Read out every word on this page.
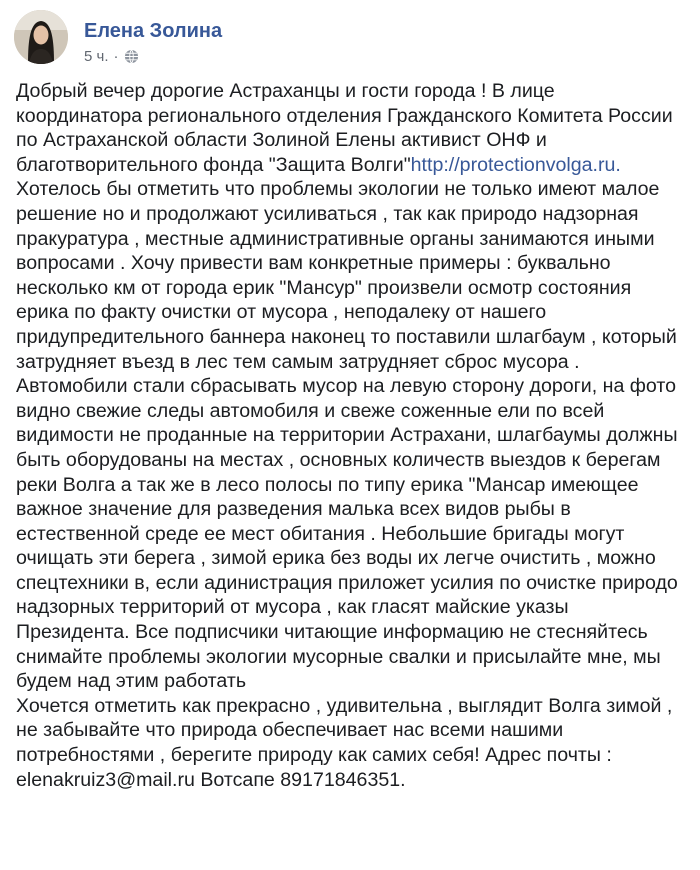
Елена Золина
5 ч. ·

Добрый вечер дорогие Астраханцы и гости города ! В лице

координатора регионального отделения Гражданского Комитета России

по Астраханской области Золиной Елены активист ОНФ и

благотворительного фонда "Защита Волги"http://protectionvolga.ru.

Хотелось бы отметить что проблемы экологии не только имеют малое

решение но и продолжают усиливаться , так как природо надзорная

пракуратура , местные административные органы занимаются иными

вопросами . Хочу привести вам конкретные примеры : буквально

несколько км от города ерик "Мансур" произвели осмотр состояния

ерика по факту очистки от мусора , неподалеку от нашего

придупредительного баннера наконец то поставили шлагбаум , который

затрудняет въезд в лес тем самым затрудняет сброс мусора .

Автомобили стали сбрасывать мусор на левую сторону дороги, на фото

видно свежие следы автомобиля и свеже соженные ели по всей

видимости не проданные на территории Астрахани, шлагбаумы должны

быть оборудованы на местах , основных количеств выездов к берегам

реки Волга а так же в лесо полосы по типу ерика "Мансар имеющее

важное значение для разведения малька всех видов рыбы в

естественной среде ее мест обитания . Небольшие бригады могут

очищать эти берега , зимой ерика без воды их легче очистить , можно

спецтехники в, если адинистрация приложет усилия по очистке природо

надзорных территорий от мусора , как гласят майские указы

Президента. Все подписчики читающие информацию не стесняйтесь

снимайте проблемы экологии мусорные свалки и присылайте мне, мы

будем над этим работать

Хочется отметить как прекрасно , удивительна , выглядит Волга зимой ,

не забывайте что природа обеспечивает нас всеми нашими

потребностями , берегите природу как самих себя! Адрес почты :

elenakruiz3@mail.ru Вотсапе 89171846351.
